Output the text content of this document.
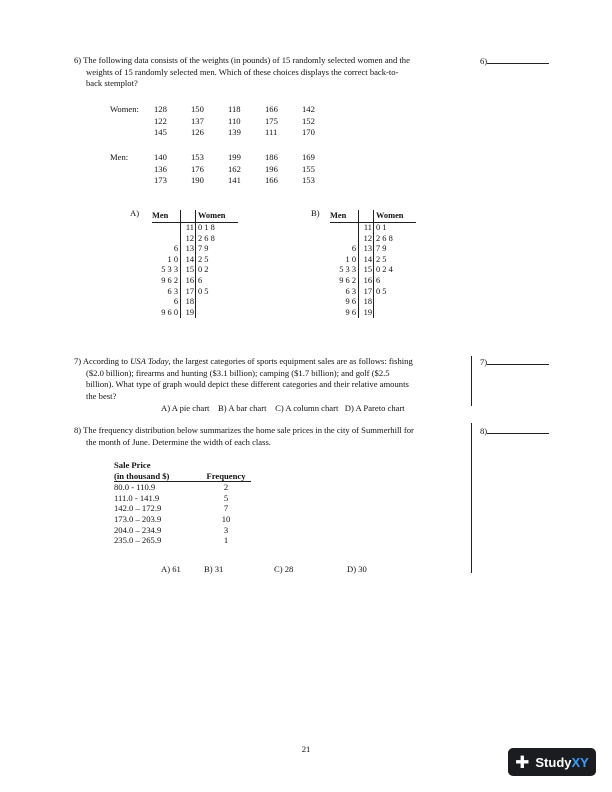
6) The following data consists of the weights (in pounds) of 15 randomly selected women and the
weights of 15 randomly selected men. Which of these choices displays the correct back-to-
back stemplot?
6)
Women: 128	150	118	166	142
122	137	110	175	152
145	126	139	111	170
Men:	140	153	199	186	169
136	176	162	196	155
173	190	141	166	153
A) Men		Women
	11	0 1 8
	12	2 6 8
6	13	7 9
1 0	14	2 5
5 3 3	15	0 2
9 6 2	16	6
6 3	17	0 5
6	18	
9 6 0	19	
B) Men		Women
	11	0 1
	12	2 6 8
6	13	7 9
1 0	14	2 5
5 3 3	15	0 2 4
9 6 2	16	6
6 3	17	0 5
9 6	18	
9 6	19	
7) According to USA Today, the largest categories of sports equipment sales are as follows: fishing
($2.0 billion); firearms and hunting ($3.1 billion); camping ($1.7 billion); and golf ($2.5
billion). What type of graph would depict these different categories and their relative amounts
the best?
7)
A) A pie chart B) A bar chart C) A column chart D) A Pareto chart
8) The frequency distribution below summarizes the home sale prices in the city of Summerhill for
the month of June. Determine the width of each class.
8)
Sale Price	
(in thousand $)	Frequency
80.0 - 110.9	2
111.0 - 141.9	5
142.0 – 172.9	7
173.0 – 203.9	10
204.0 – 234.9	3
235.0 – 265.9	1
A) 61	B) 31	C) 28	D) 30
21
✚ StudyXY
